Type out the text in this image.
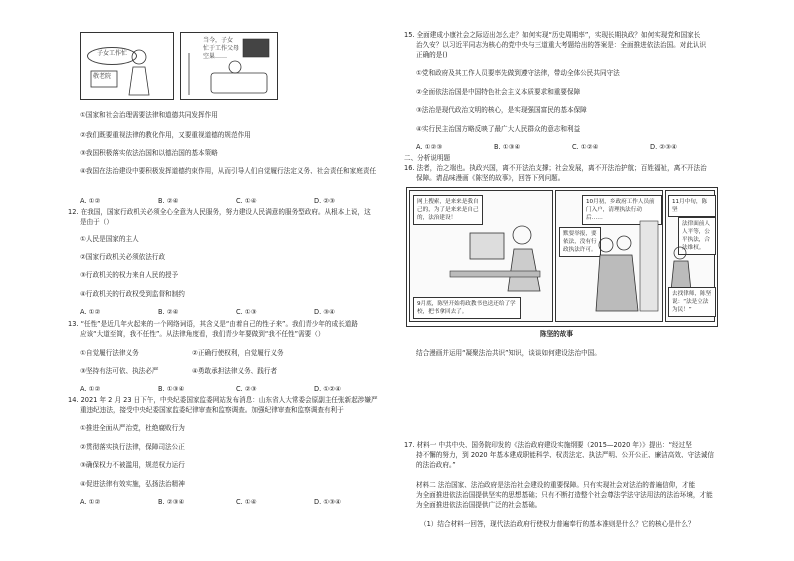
子女工作忙
敬老院
当今，子女
忙于工作父母
空巢……
①国家和社会治理需要法律和道德共同发挥作用
②我们既要重视法律的教化作用，又要重视道德的规范作用
③我国积极落实依法治国和以德治国的基本策略
④我国在法治建设中要积极发挥道德约束作用，从而引导人们自觉履行法定义务、社会责任和家庭责任
A. ①②	B. ②④	C. ①④	D. ②③
12. 在我国，国家行政机关必须全心全意为人民服务，努力建设人民满意的服务型政府。从根本上说，这
是由于（）
①人民是国家的主人
②国家行政机关必须依法行政
③行政机关的权力来自人民的授予
④行政机关的行政权受到监督和制约
A. ①②	B. ②④	C. ①③	D. ③④
13. “任性”是近几年火起来的一个网络词语，其含义是“由着自己的性子来”。我们青少年的成长道路
应该“大道至简，我不任性”。从法律角度看，我们青少年要做到“我不任性”需要（）
①自觉履行法律义务	②正确行使权利，自觉履行义务
③坚持有法可依、执法必严	④勇敢承担法律义务、践行者
A. ①②	B. ①③④	C. ②③	D. ①②④
14. 2021 年 2 月 23 日下午，中央纪委国家监委网站发布消息：山东省人大常委会原副主任张新起涉嫌严
重违纪违法，接受中央纪委国家监委纪律审查和监察调查。加强纪律审查和监察调查有利于
①推进全面从严治党，杜绝腐败行为
②贯彻落实执行法律，保障司法公正
③确保权力不被滥用，规范权力运行
④促进法律有效实施，弘扬法治精神
A. ①②	B. ②③④	C. ①④	D. ①③④
15. 全面建成小康社会之际迈出怎么走？如何实现“历史周期率”，实现长期执政？如何实现党和国家长
治久安？以习近平同志为核心的党中央与三道重大考题给出的答案是：全面推进依法治国。对此认识
正确的是()
①党和政府及其工作人员要率先做到遵守法律，带动全体公民共同守法
②全面依法治国是中国特色社会主义本质要求和重要保障
③法治是现代政治文明的核心，是实现强国富民的基本保障
④实行民主治国方略反映了最广大人民群众的意志和利益
A. ①②③	B. ①③④	C. ①②④	D. ②③④
二、分析说明题
16. 法者，治之端也。执政兴国，离不开法治支撑；社会发展，离不开法治护航；百姓福祉，离不开法治
保障。请品味漫画《陈坚的故事》，回答下列问题。
网上搜索，是来来是我自己的，为了是来来是自己的，法治建设！
9月底，陈坚开始将政教书也送还给了学校，把书拿回去了。
10月初，乡政府工作人员前门入户，清理执法行动后……
默要举报，要依法，没有行政执法许可。
11月中旬，陈坚
法律面前人人平等，公平执法，合法维权。
去找律师，陈坚说：“法是立法为民！”
陈坚的故事
结合漫画并运用“凝聚法治共识”知识，谈谈如何建设法治中国。
17. 材料一 中共中央、国务院印发的《法治政府建设实施纲要（2015—2020 年）》提出：“经过坚
持不懈的努力，到 2020 年基本建成职能科学、权责法定、执法严明、公开公正、廉洁高效、守法诚信
的法治政府。”
材料二 法治国家、法治政府是法治社会建设的重要保障。只有实现社会对法治的普遍信仰，才能
为全面推进依法治国提供坚实的思想基础；只有不断打造整个社会尊法学法守法用法的法治环境，才能
为全面推进依法治国提供广泛的社会基础。
（1）结合材料一回答，现代法治政府行使权力普遍奉行的基本准则是什么？它的核心是什么？
